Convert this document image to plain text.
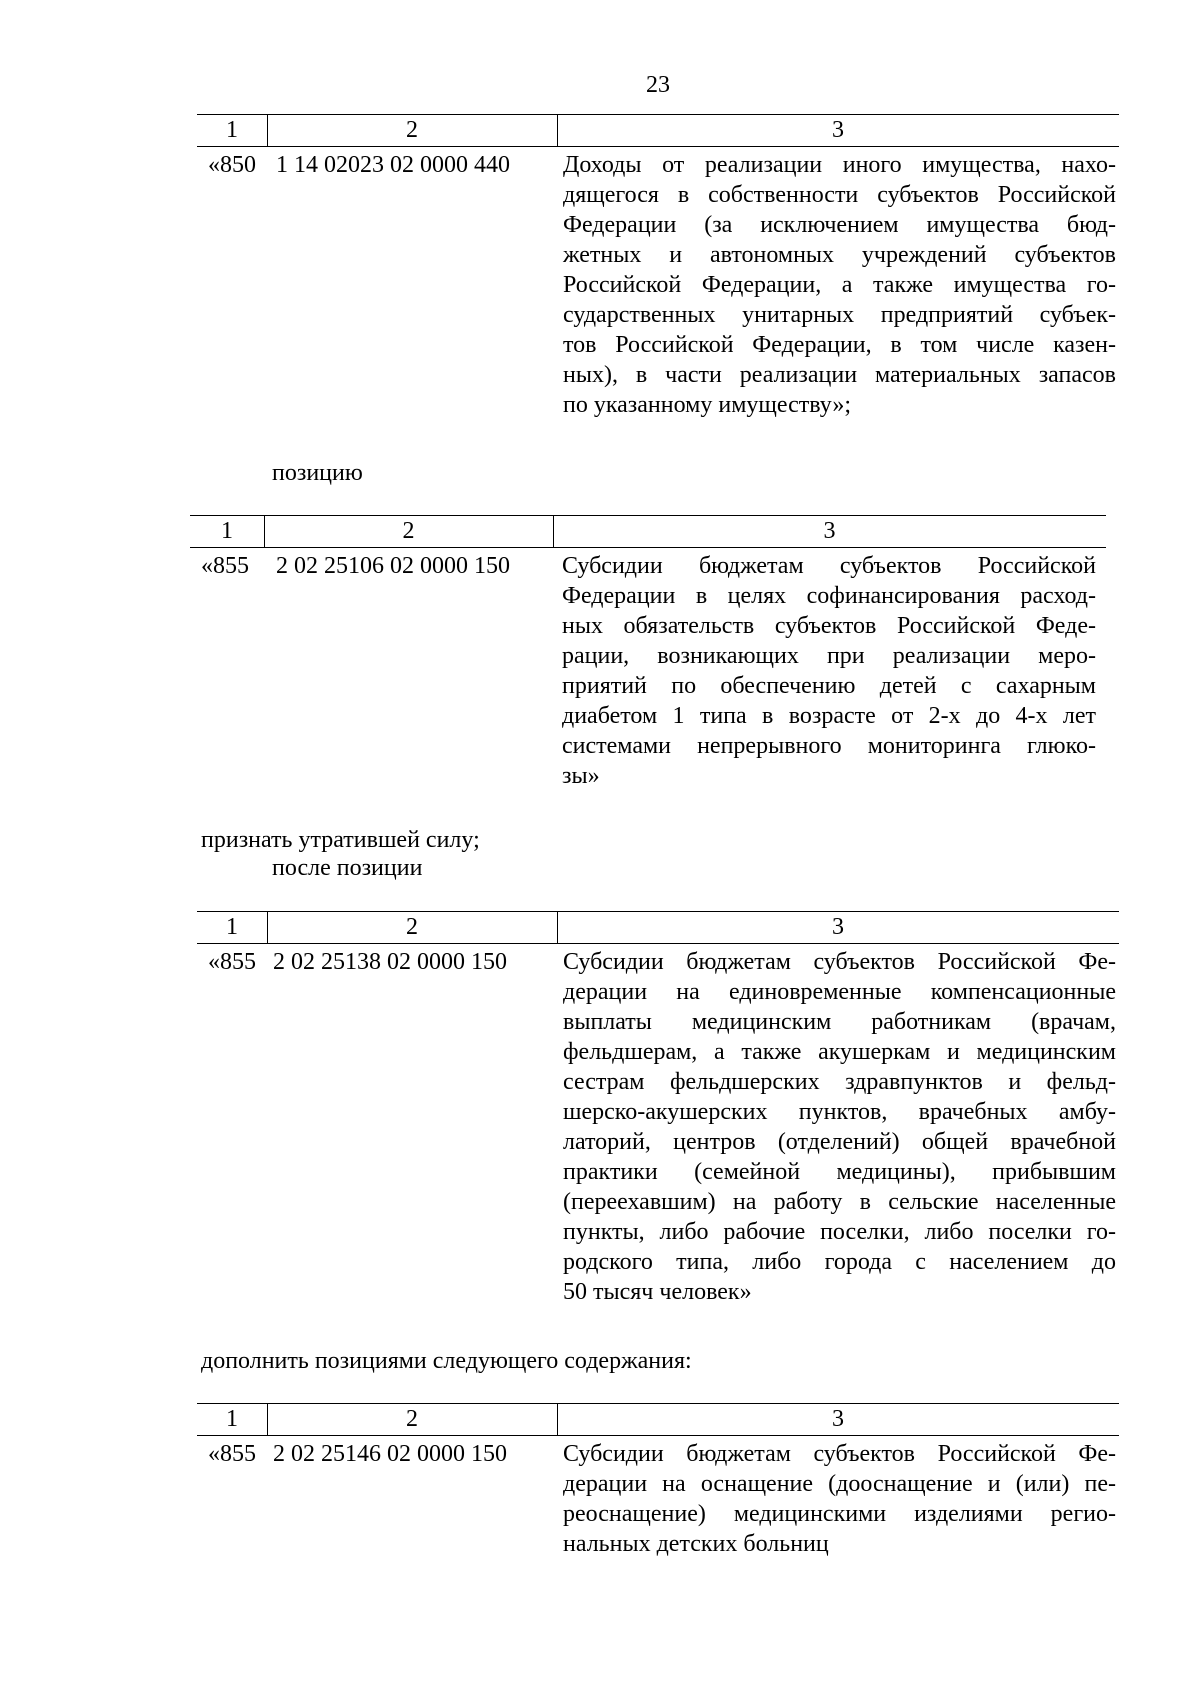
23
1	2	3
«850 1 14 02023 02 0000 440 Доходы от реализации иного имущества, нахо-
дящегося в собственности субъектов Российской
Федерации (за исключением имущества бюд-
жетных и автономных учреждений субъектов
Российской Федерации, а также имущества го-
сударственных унитарных предприятий субъек-
тов Российской Федерации, в том числе казен-
ных), в части реализации материальных запасов
по указанному имуществу»;
позицию
1	2	3
«855 2 02 25106 02 0000 150 Субсидии бюджетам субъектов Российской
Федерации в целях софинансирования расход-
ных обязательств субъектов Российской Феде-
рации, возникающих при реализации меро-
приятий по обеспечению детей с сахарным
диабетом 1 типа в возрасте от 2-х до 4-х лет
системами непрерывного мониторинга глюко-
зы»
признать утратившей силу;
после позиции
1	2	3
«855 2 02 25138 02 0000 150 Субсидии бюджетам субъектов Российской Фе-
дерации на единовременные компенсационные
выплаты медицинским работникам (врачам,
фельдшерам, а также акушеркам и медицинским
сестрам фельдшерских здравпунктов и фельд-
шерско-акушерских пунктов, врачебных амбу-
латорий, центров (отделений) общей врачебной
практики (семейной медицины), прибывшим
(переехавшим) на работу в сельские населенные
пункты, либо рабочие поселки, либо поселки го-
родского типа, либо города с населением до
50 тысяч человек»
дополнить позициями следующего содержания:
1	2	3
«855 2 02 25146 02 0000 150 Субсидии бюджетам субъектов Российской Фе-
дерации на оснащение (дооснащение и (или) пе-
реоснащение) медицинскими изделиями регио-
нальных детских больниц
